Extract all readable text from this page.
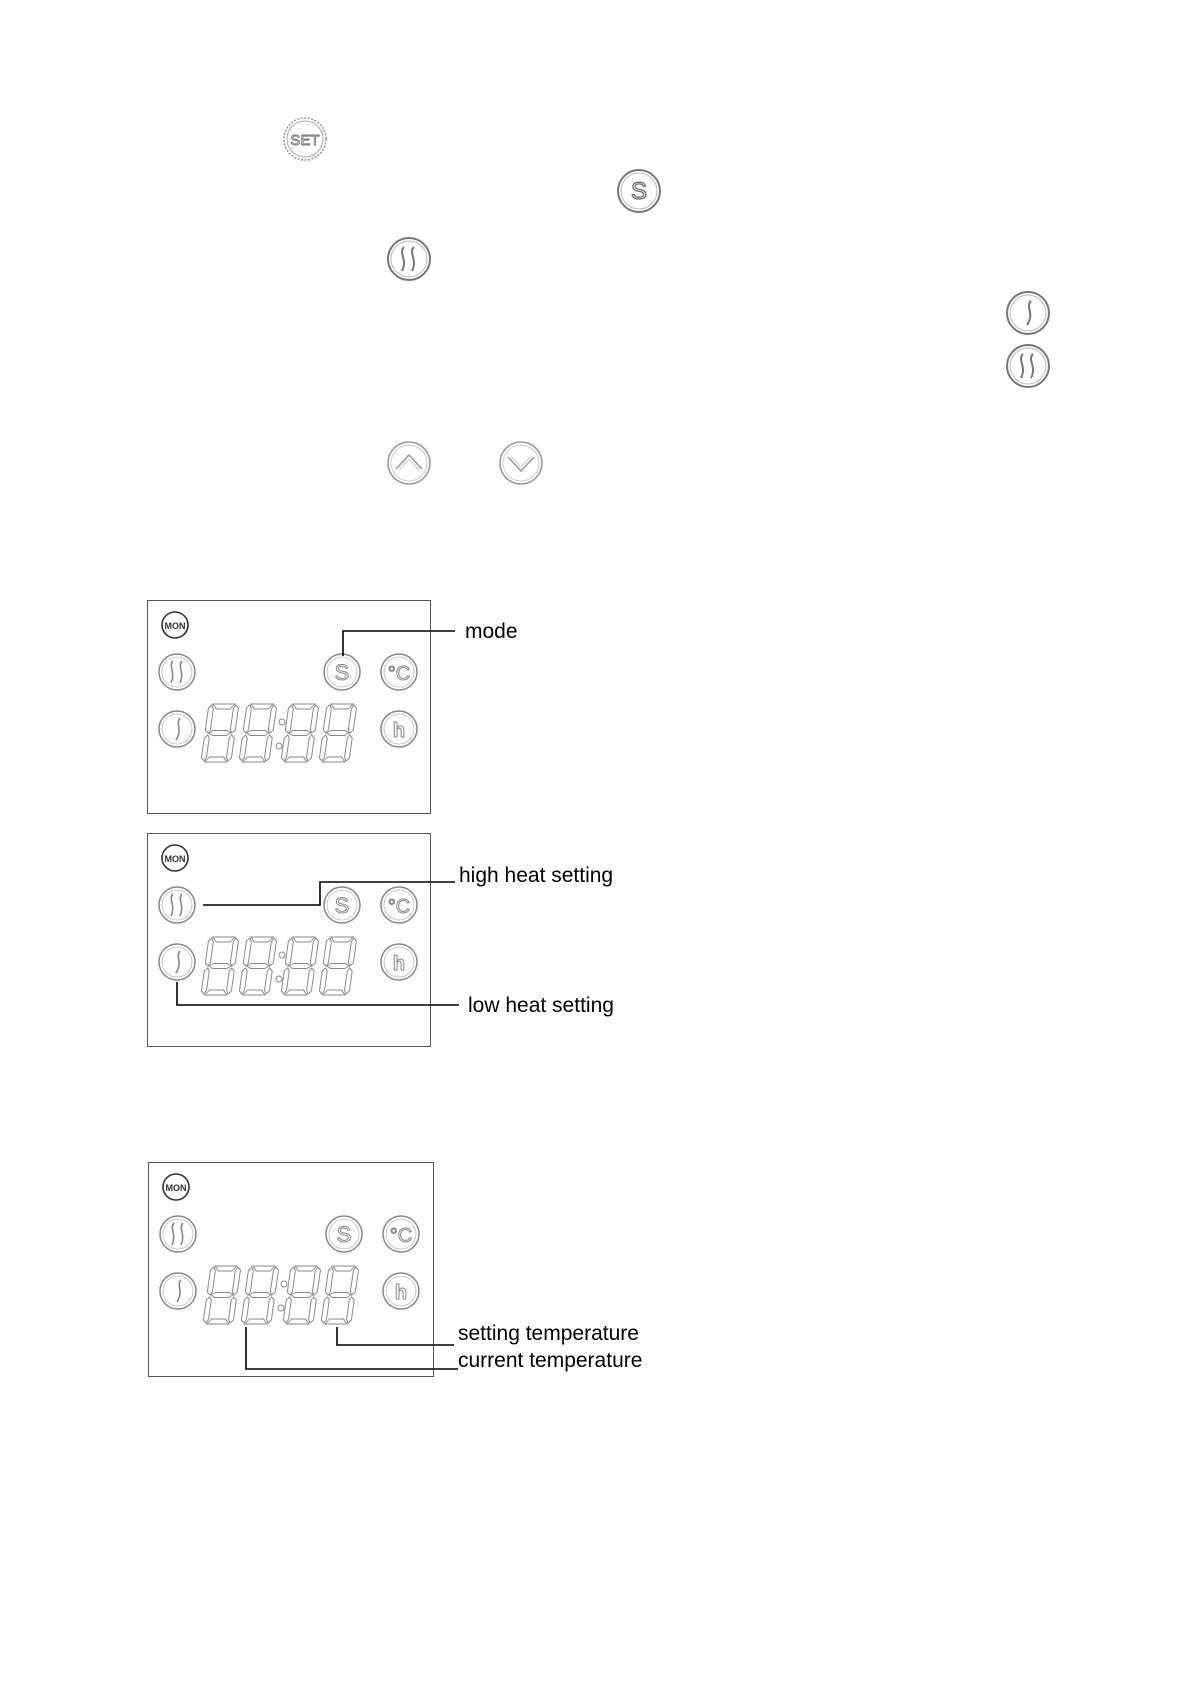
SET
S
MON
S °C
h
mode
MON
S °C
h
high heat setting
low heat setting
MON
S °C
h
setting temperature
current temperature
